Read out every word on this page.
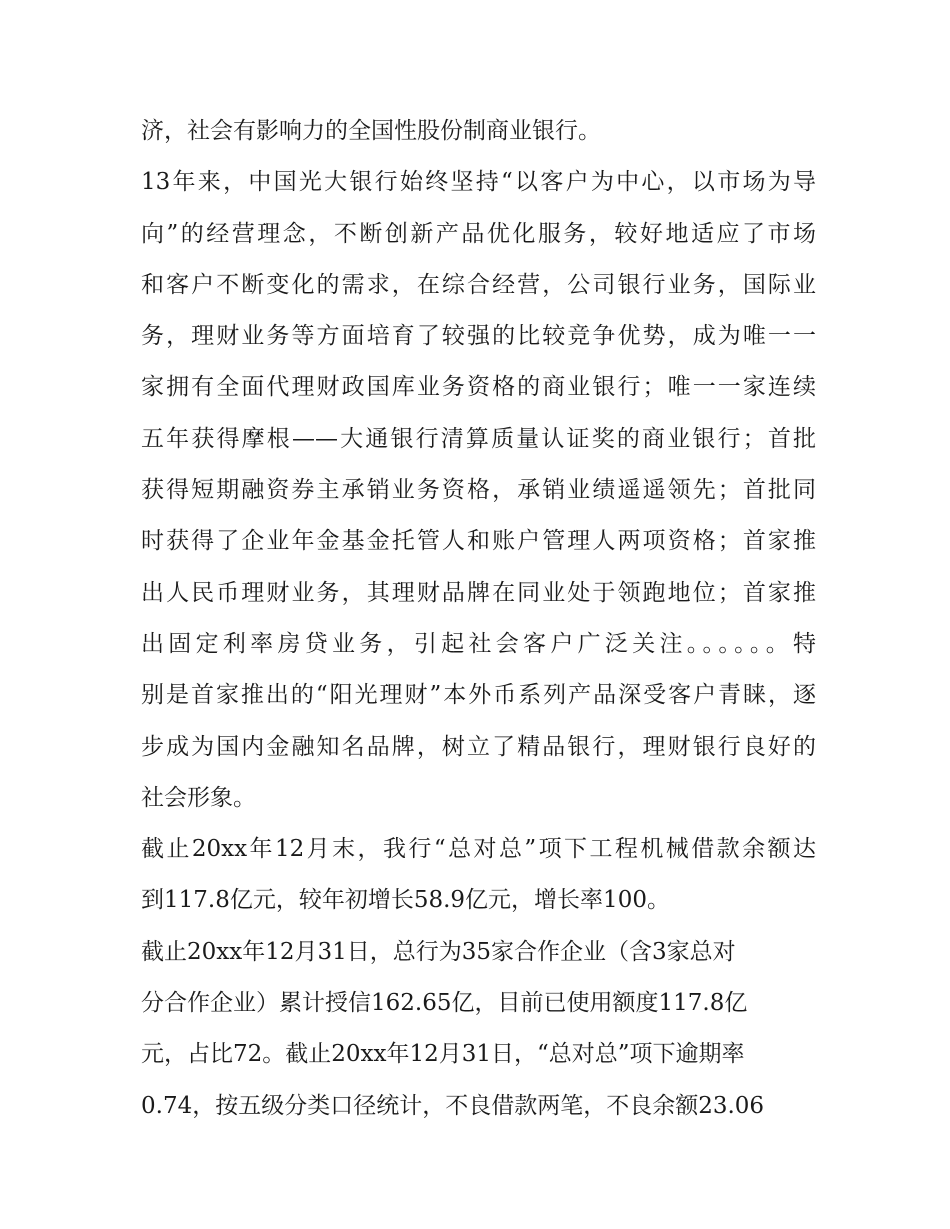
济，社会有影响力的全国性股份制商业银行。
13年来，中国光大银行始终坚持“以客户为中心，以市场为导
向”的经营理念，不断创新产品优化服务，较好地适应了市场
和客户不断变化的需求，在综合经营，公司银行业务，国际业
务，理财业务等方面培育了较强的比较竞争优势，成为唯一一
家拥有全面代理财政国库业务资格的商业银行；唯一一家连续
五年获得摩根——大通银行清算质量认证奖的商业银行；首批
获得短期融资券主承销业务资格，承销业绩遥遥领先；首批同
时获得了企业年金基金托管人和账户管理人两项资格；首家推
出人民币理财业务，其理财品牌在同业处于领跑地位；首家推
出固定利率房贷业务，引起社会客户广泛关注。。。。。。特
别是首家推出的“阳光理财”本外币系列产品深受客户青睐，逐
步成为国内金融知名品牌，树立了精品银行，理财银行良好的
社会形象。
截止20xx年12月末，我行“总对总”项下工程机械借款余额达
到117.8亿元，较年初增长58.9亿元，增长率100。
截止20xx年12月31日，总行为35家合作企业（含3家总对
分合作企业）累计授信162.65亿，目前已使用额度117.8亿
元，占比72。截止20xx年12月31日，“总对总”项下逾期率
0.74，按五级分类口径统计，不良借款两笔，不良余额23.06
